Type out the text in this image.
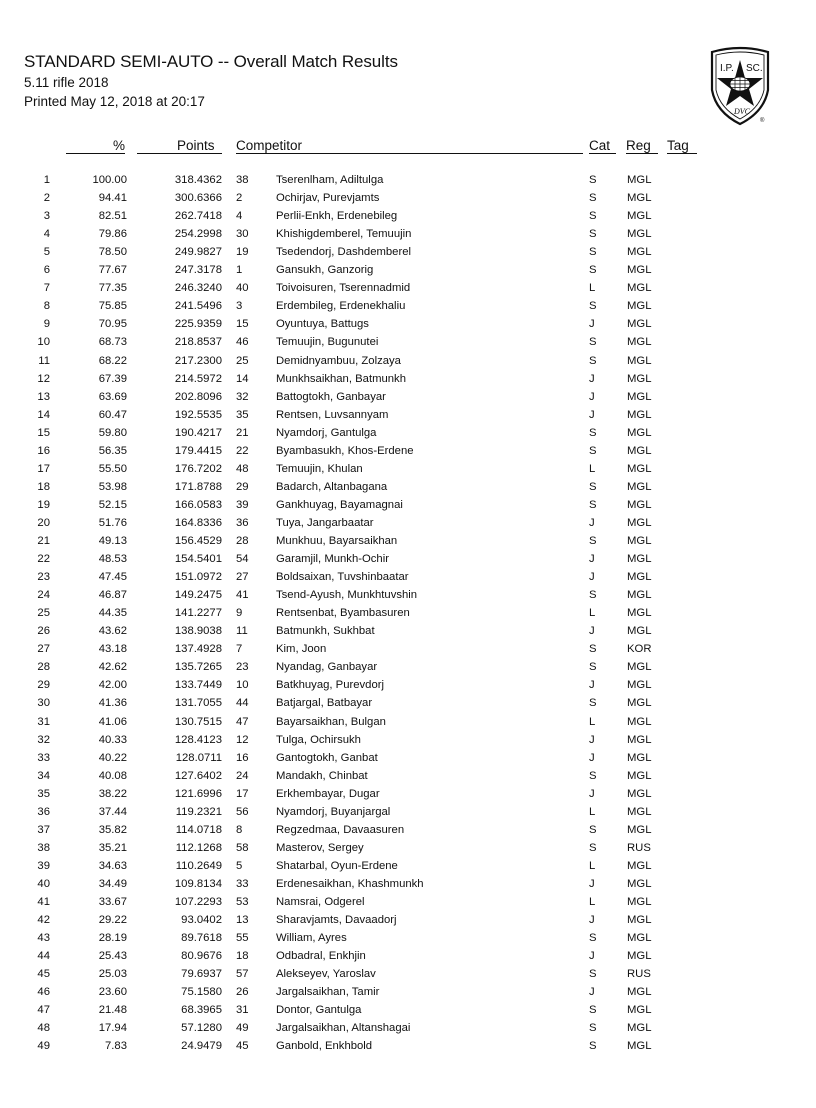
STANDARD SEMI-AUTO -- Overall Match Results
5.11 rifle 2018
Printed May 12, 2018 at 20:17
I.P. SC.
DVC
®
%	Points Competitor	Cat Reg Tag
1	100.00	318.4362 38 Tserenlham, Adiltulga	S	MGL
2	94.41	300.6366 2	Ochirjav, Purevjamts	S	MGL
3	82.51	262.7418 4	Perlii-Enkh, Erdenebileg	S	MGL
4	79.86	254.2998 30 Khishigdemberel, Temuujin	S	MGL
5	78.50	249.9827 19 Tsedendorj, Dashdemberel	S	MGL
6	77.67	247.3178 1	Gansukh, Ganzorig	S	MGL
7	77.35	246.3240 40 Toivoisuren, Tserennadmid	L	MGL
8	75.85	241.5496 3	Erdembileg, Erdenekhaliu	S	MGL
9	70.95	225.9359 15 Oyuntuya, Battugs	J	MGL
10	68.73	218.8537 46 Temuujin, Bugunutei	S	MGL
11	68.22	217.2300 25 Demidnyambuu, Zolzaya	S	MGL
12	67.39	214.5972 14 Munkhsaikhan, Batmunkh	J	MGL
13	63.69	202.8096 32 Battogtokh, Ganbayar	J	MGL
14	60.47	192.5535 35 Rentsen, Luvsannyam	J	MGL
15	59.80	190.4217 21 Nyamdorj, Gantulga	S	MGL
16	56.35	179.4415 22 Byambasukh, Khos-Erdene	S	MGL
17	55.50	176.7202 48 Temuujin, Khulan	L	MGL
18	53.98	171.8788 29 Badarch, Altanbagana	S	MGL
19	52.15	166.0583 39 Gankhuyag, Bayamagnai	S	MGL
20	51.76	164.8336 36 Tuya, Jangarbaatar	J	MGL
21	49.13	156.4529 28 Munkhuu, Bayarsaikhan	S	MGL
22	48.53	154.5401 54 Garamjil, Munkh-Ochir	J	MGL
23	47.45	151.0972 27 Boldsaixan, Tuvshinbaatar	J	MGL
24	46.87	149.2475 41 Tsend-Ayush, Munkhtuvshin	S	MGL
25	44.35	141.2277 9	Rentsenbat, Byambasuren	L	MGL
26	43.62	138.9038 11	Batmunkh, Sukhbat	J	MGL
27	43.18	137.4928 7	Kim, Joon	S	KOR
28	42.62	135.7265 23 Nyandag, Ganbayar	S	MGL
29	42.00	133.7449 10 Batkhuyag, Purevdorj	J	MGL
30	41.36	131.7055 44 Batjargal, Batbayar	S	MGL
31	41.06	130.7515 47 Bayarsaikhan, Bulgan	L	MGL
32	40.33	128.4123 12 Tulga, Ochirsukh	J	MGL
33	40.22	128.0711 16 Gantogtokh, Ganbat	J	MGL
34	40.08	127.6402 24 Mandakh, Chinbat	S	MGL
35	38.22	121.6996 17 Erkhembayar, Dugar	J	MGL
36	37.44	119.2321 56 Nyamdorj, Buyanjargal	L	MGL
37	35.82	114.0718 8	Regzedmaa, Davaasuren	S	MGL
38	35.21	112.1268 58 Masterov, Sergey	S	RUS
39	34.63	110.2649 5	Shatarbal, Oyun-Erdene	L	MGL
40	34.49	109.8134 33 Erdenesaikhan, Khashmunkh	J	MGL
41	33.67	107.2293 53 Namsrai, Odgerel	L	MGL
42	29.22	93.0402 13 Sharavjamts, Davaadorj	J	MGL
43	28.19	89.7618 55 William, Ayres	S	MGL
44	25.43	80.9676 18 Odbadral, Enkhjin	J	MGL
45	25.03	79.6937 57 Alekseyev, Yaroslav	S	RUS
46	23.60	75.1580 26 Jargalsaikhan, Tamir	J	MGL
47	21.48	68.3965 31 Dontor, Gantulga	S	MGL
48	17.94	57.1280 49 Jargalsaikhan, Altanshagai	S	MGL
49	7.83	24.9479 45 Ganbold, Enkhbold	S	MGL
